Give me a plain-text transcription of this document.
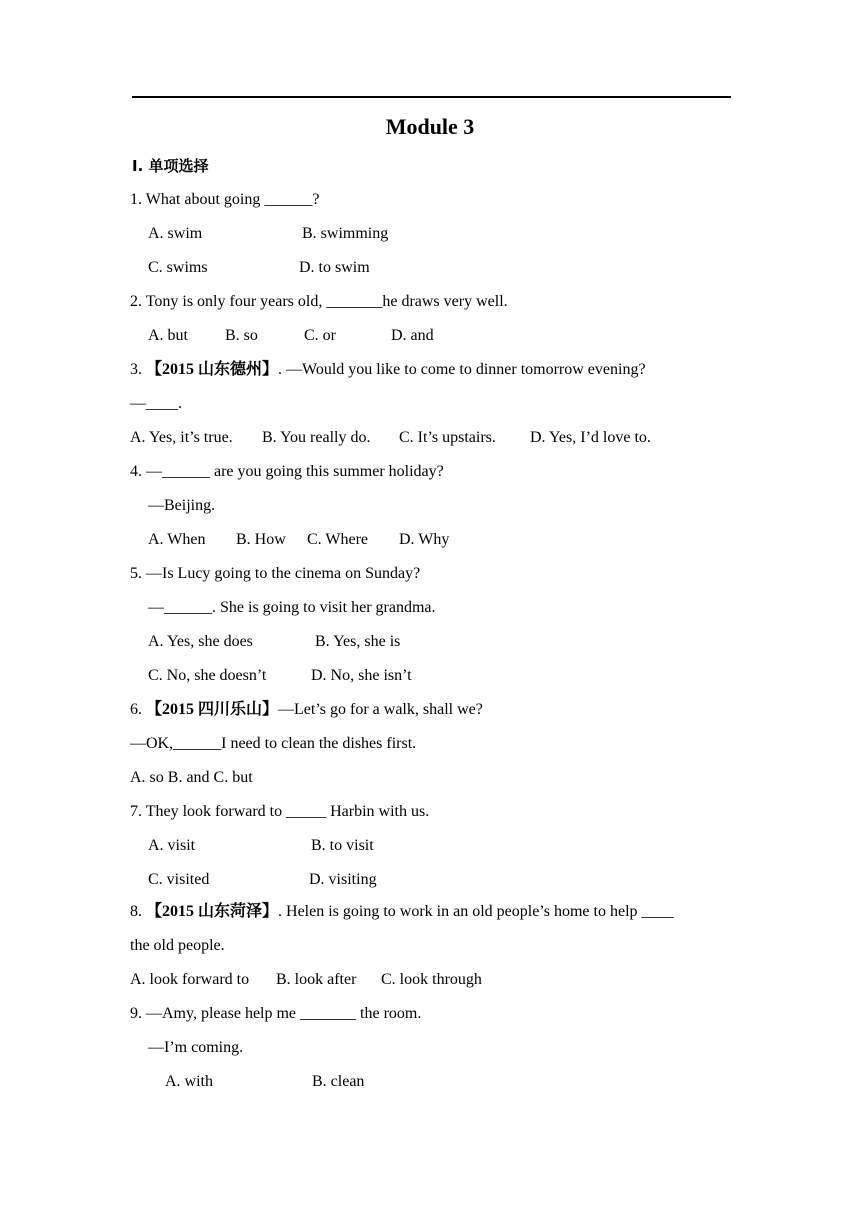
Module 3
Ⅰ. 单项选择
1. What about going ______?
A. swim	B. swimming
C. swims	D. to swim
2. Tony is only four years old, _______he draws very well.
A. but B. so	C. or	D. and
3. 【2015 山东德州】. —Would you like to come to dinner tomorrow evening?
—____.
A. Yes, it’s true. B. You really do. C. It’s upstairs. D. Yes, I’d love to.
4. —______ are you going this summer holiday?
—Beijing.
A. When B. How C. Where D. Why
5. —Is Lucy going to the cinema on Sunday?
—______. She is going to visit her grandma.
A. Yes, she does	B. Yes, she is
C. No, she doesn’t	D. No, she isn’t
6. 【2015 四川乐山】—Let’s go for a walk, shall we?
—OK,______I need to clean the dishes first.
A. so B. and C. but
7. They look forward to _____ Harbin with us.
A. visit	B. to visit
C. visited	D. visiting
8. 【2015 山东菏泽】. Helen is going to work in an old people’s home to help ____
the old people.
A. look forward to B. look after C. look through
9. —Amy, please help me _______ the room.
—I’m coming.
A. with	B. clean
